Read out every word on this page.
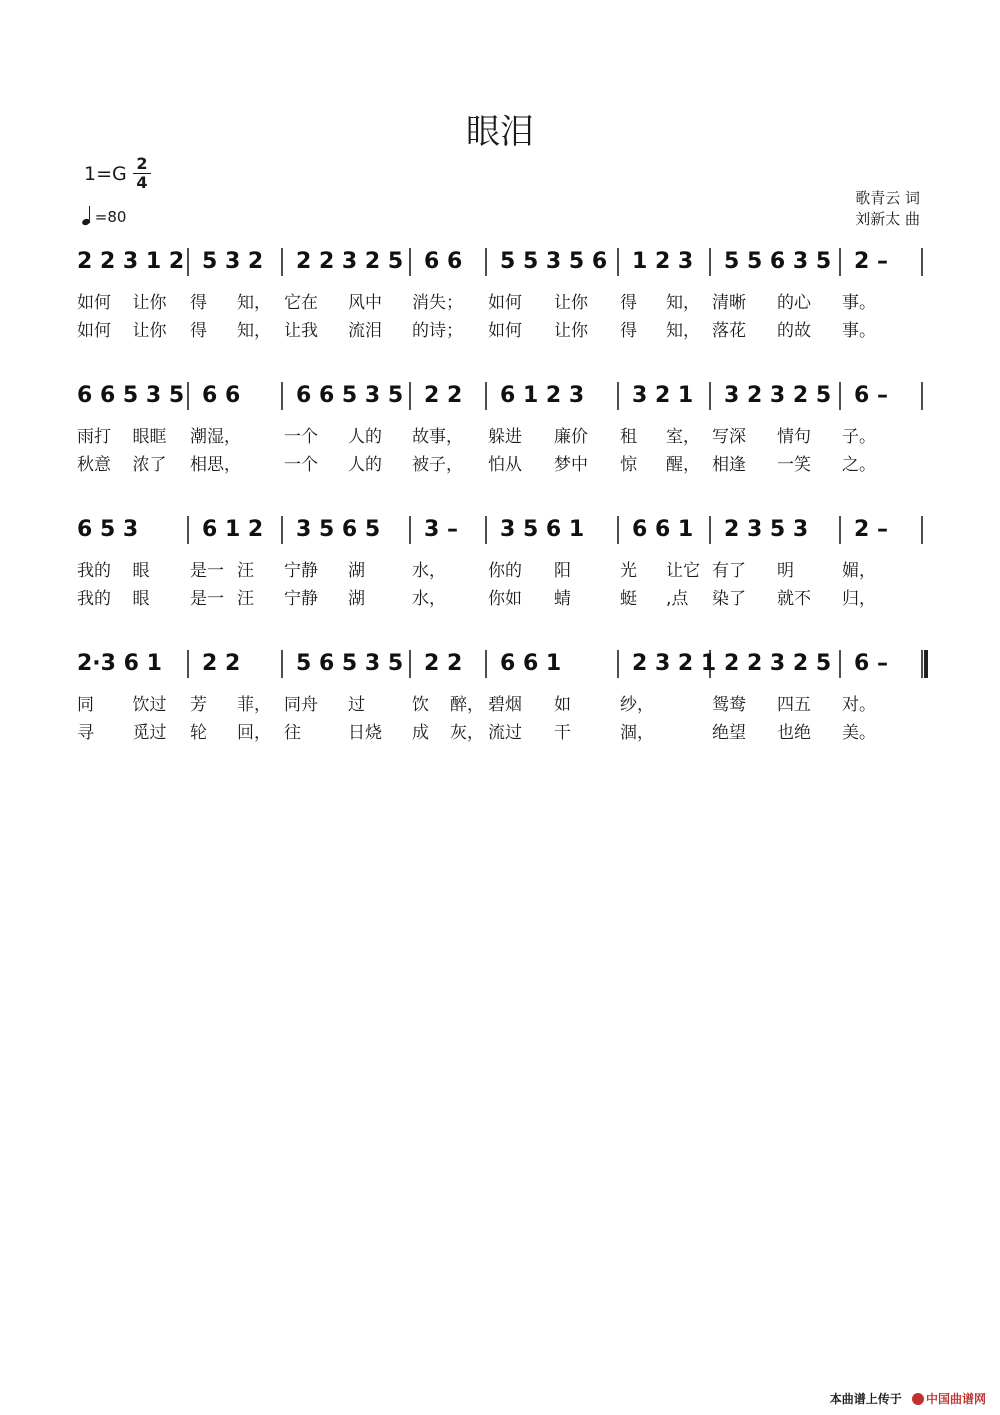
眼泪
$1=G \frac{2}{4}$
=80
歌青云 词
刘新太 曲
2 2 3 1 2 5 3 2 2 2 3 2 5 6 6 5 5 3 5 6 1 2 3 5 5 6 3 5 2 –
6 6 5 3 5 6 6	6 6 5 3 5 2 2 6 1 2 3 3 2 1 3 2 3 2 5 6 –
6 5 3	6 1 2 3 5 6 5 3 – 3 5 6 1 6 6 1 2 3 5 3 2 –
2·3 6 1 2 2	5 6 5 3 5 2 2 6 6 1	2 3 2 1 2 2 3 2 5 6 –
如何 让你 得 知， 它在 风中 消失； 如何 让你 得 知， 清晰 的心 事。
如何 让你 得 知， 让我 流泪 的诗； 如何 让你 得 知， 落花 的故 事。
雨打 眼眶 潮湿，	一个 人的 故事， 躲进 廉价 租 室， 写深 情句 子。
秋意 浓了 相思，	一个 人的 被子， 怕从 梦中 惊 醒， 相逢 一笑 之。
我的 眼 是一 汪 宁静 湖	水， 你的 阳	光 让它 有了 明	媚，
我的 眼 是一 汪 宁静 湖	水， 你如 蜻	蜓 ,点 染了 就不 归，
同 饮过 芳 菲， 同舟 过	饮 醉， 碧烟 如	纱，	鸳鸯 四五 对。
寻 觅过 轮 回， 往	日烧 成 灰， 流过 干	涸，	绝望 也绝 美。
本曲谱上传于 中国曲谱网
